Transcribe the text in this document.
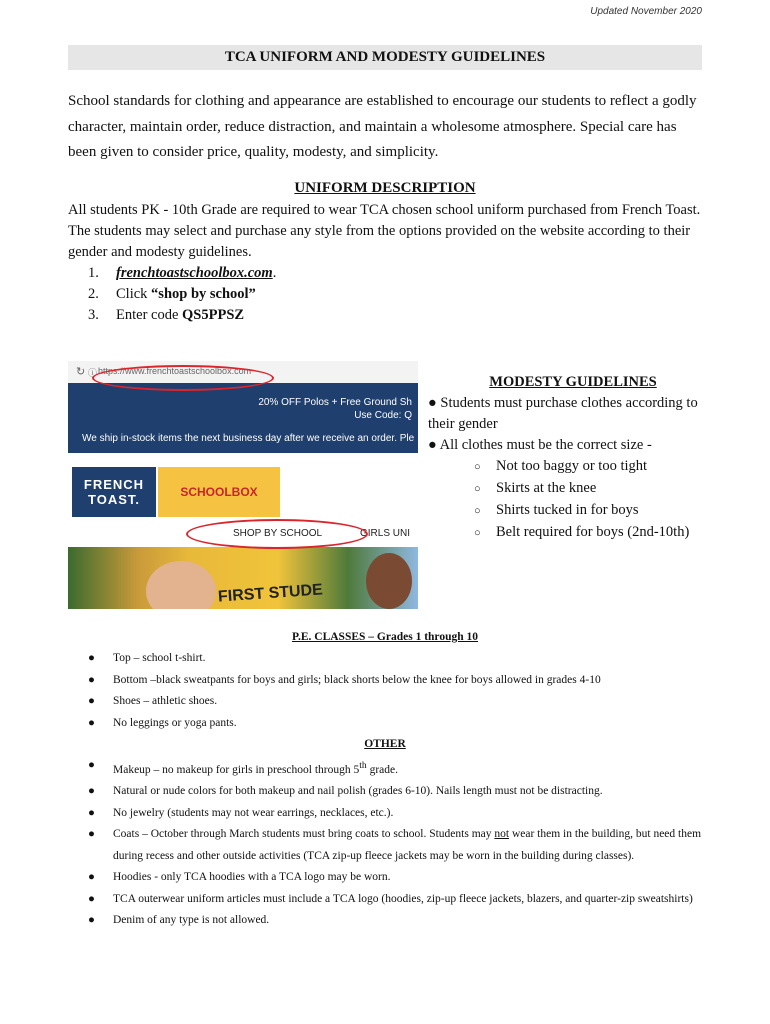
Updated November 2020
TCA UNIFORM AND MODESTY GUIDELINES
School standards for clothing and appearance are established to encourage our students to reflect a godly character, maintain order, reduce distraction, and maintain a wholesome atmosphere. Special care has been given to consider price, quality, modesty, and simplicity.
UNIFORM DESCRIPTION
All students PK - 10th Grade are required to wear TCA chosen school uniform purchased from French Toast. The students may select and purchase any style from the options provided on the website according to their gender and modesty guidelines.
1. frenchtoastschoolbox.com.
2. Click “shop by school”
3. Enter code QS5PPSZ
↻ ⓘ https://www.frenchtoastschoolbox.com
20% OFF Polos + Free Ground Sh
Use Code: Q
We ship in-stock items the next business day after we receive an order. Ple
FRENCH
TOAST.	SCHOOLBOX
SHOP BY SCHOOL	GIRLS UNI
FIRST STUDE
MODESTY GUIDELINES
● Students must purchase clothes according to their gender
● All clothes must be the correct size -
○ Not too baggy or too tight
○ Skirts at the knee
○ Shirts tucked in for boys
○ Belt required for boys (2nd-10th)
P.E. CLASSES – Grades 1 through 10
● Top – school t-shirt.
● Bottom –black sweatpants for boys and girls; black shorts below the knee for boys allowed in grades 4-10
● Shoes – athletic shoes.
● No leggings or yoga pants.
OTHER
● Makeup – no makeup for girls in preschool through 5th grade.
● Natural or nude colors for both makeup and nail polish (grades 6-10). Nails length must not be distracting.
● No jewelry (students may not wear earrings, necklaces, etc.).
● Coats – October through March students must bring coats to school. Students may not wear them in the building, but need them during recess and other outside activities (TCA zip-up fleece jackets may be worn in the building during classes).
● Hoodies - only TCA hoodies with a TCA logo may be worn.
● TCA outerwear uniform articles must include a TCA logo (hoodies, zip-up fleece jackets, blazers, and quarter-zip sweatshirts)
● Denim of any type is not allowed.
